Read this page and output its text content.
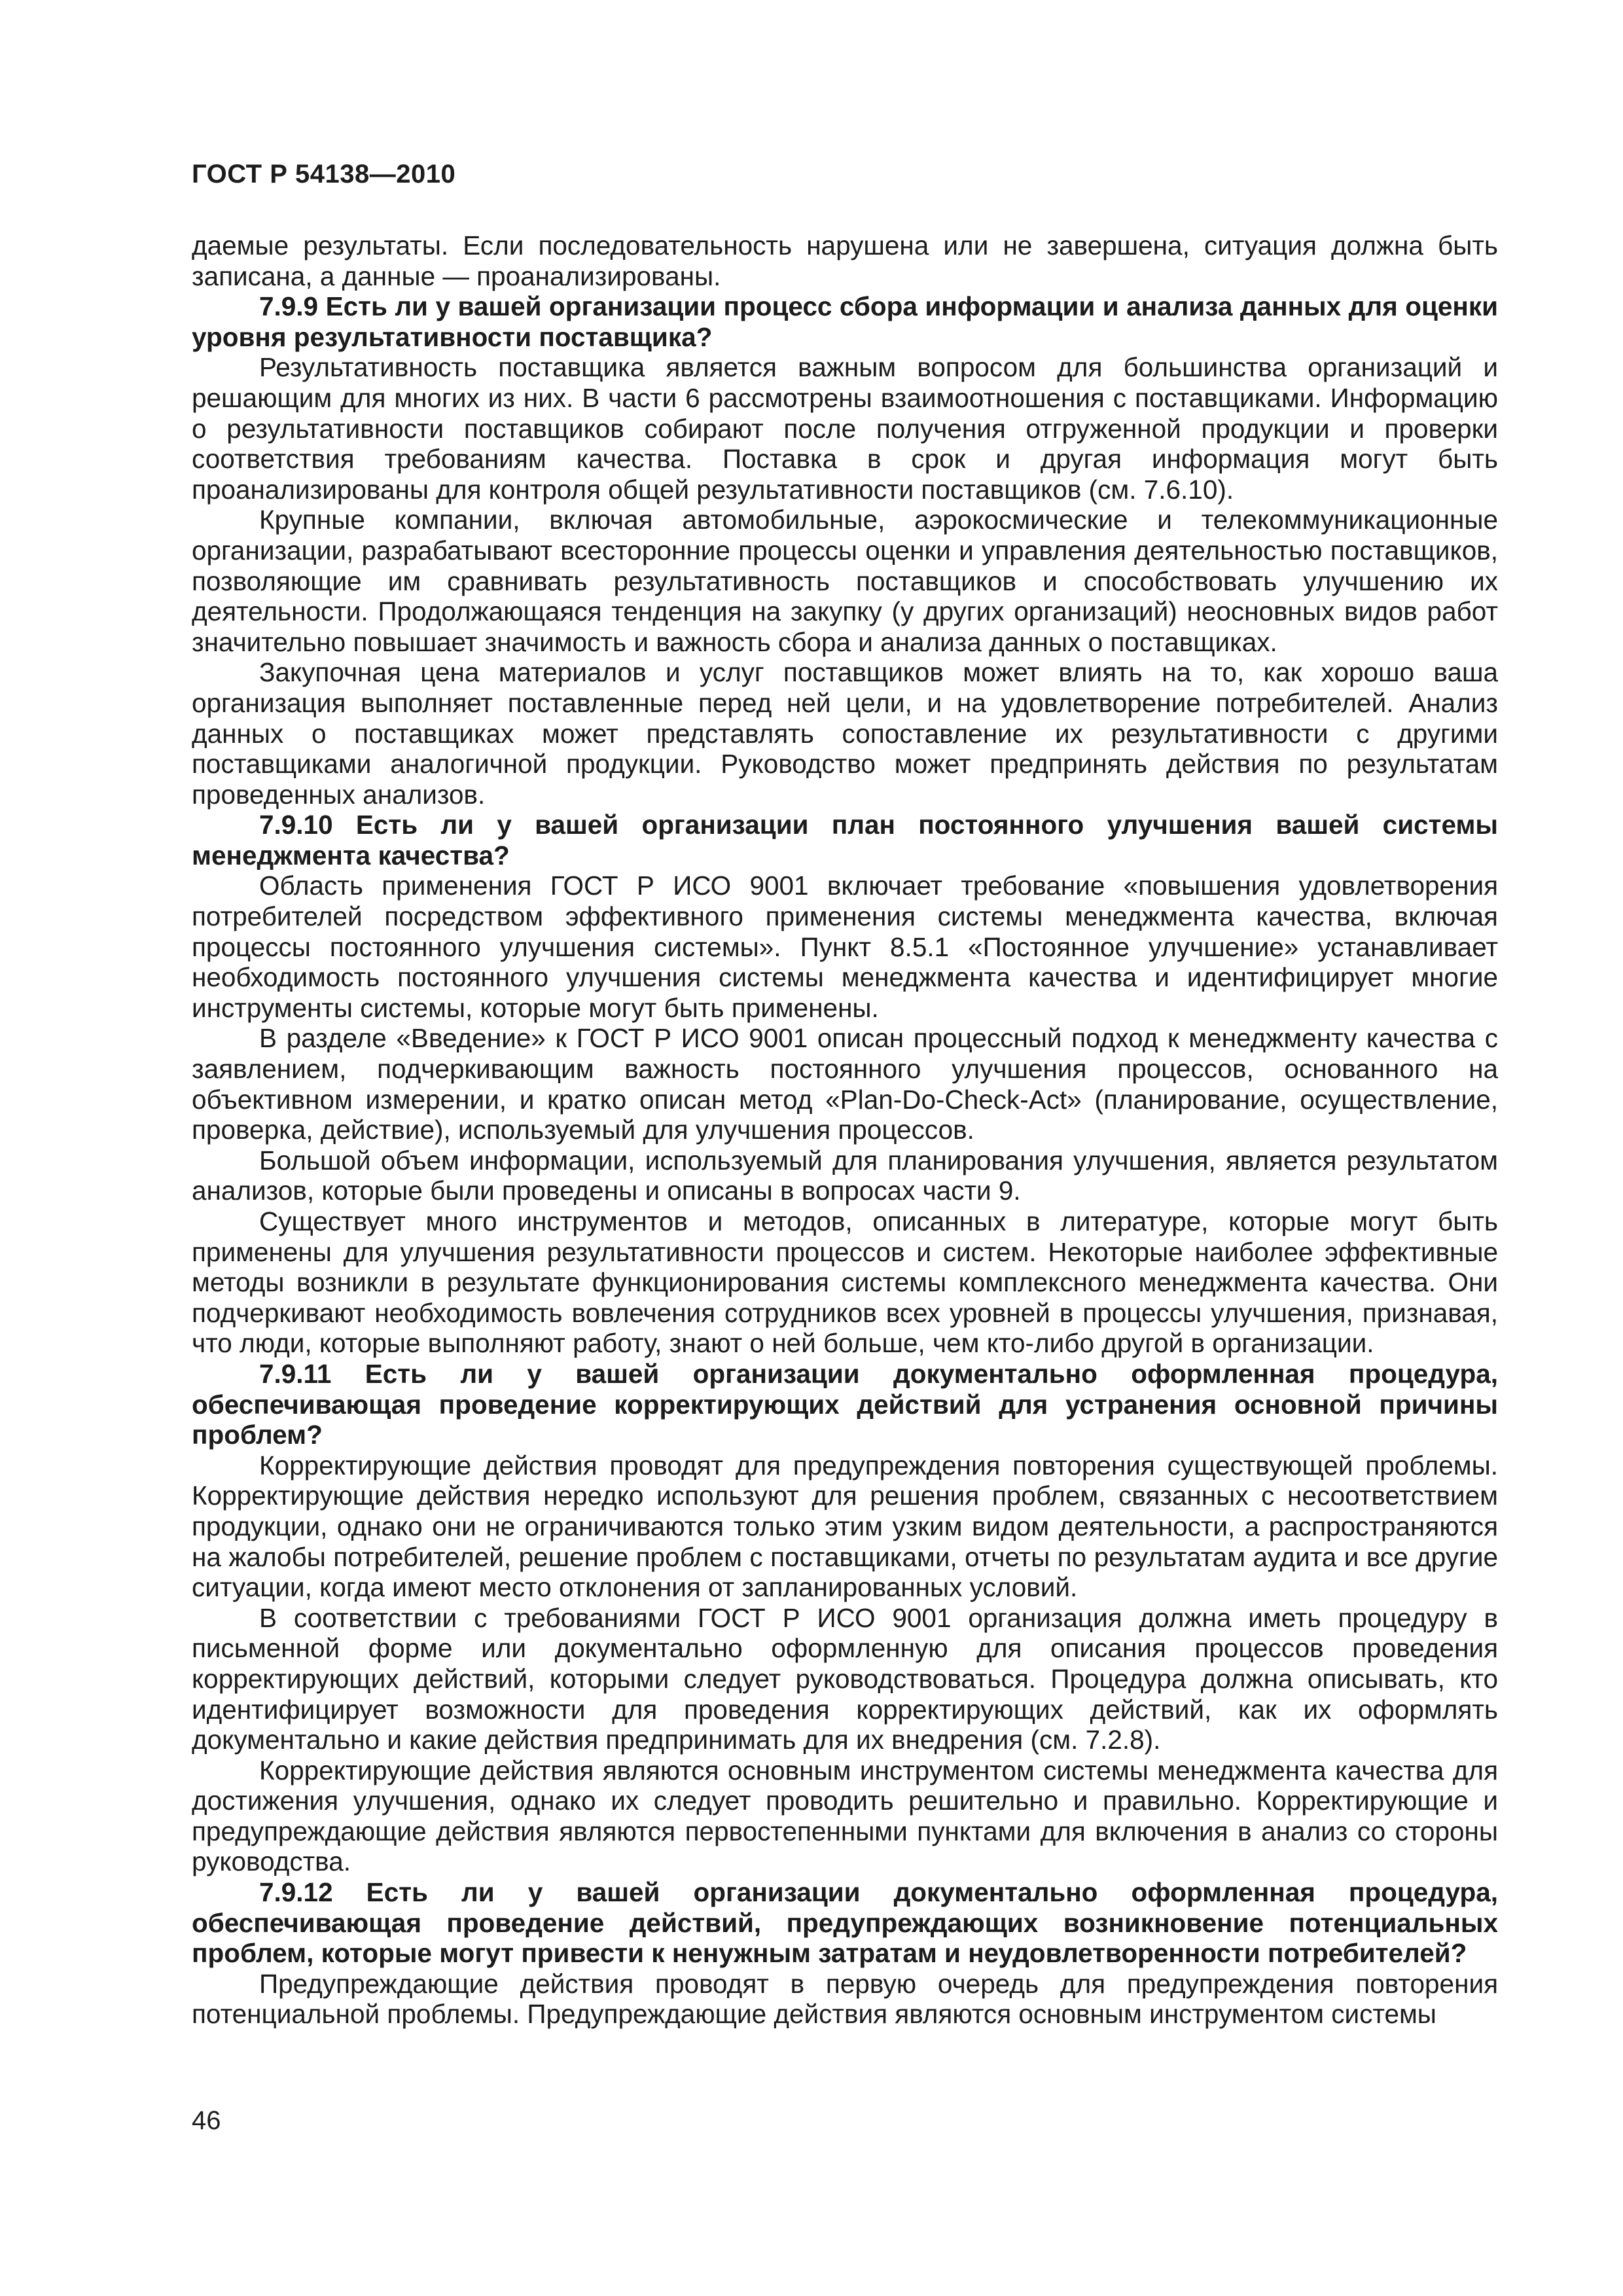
ГОСТ Р 54138—2010

даемые результаты. Если последовательность нарушена или не завершена, ситуация должна быть записана, а данные — проанализированы.

7.9.9 Есть ли у вашей организации процесс сбора информации и анализа данных для оценки уровня результативности поставщика?

Результативность поставщика является важным вопросом для большинства организаций и решающим для многих из них. В части 6 рассмотрены взаимоотношения с поставщиками. Информацию о результативности поставщиков собирают после получения отгруженной продукции и проверки соответствия требованиям качества. Поставка в срок и другая информация могут быть проанализированы для контроля общей результативности поставщиков (см. 7.6.10).

Крупные компании, включая автомобильные, аэрокосмические и телекоммуникационные организации, разрабатывают всесторонние процессы оценки и управления деятельностью поставщиков, позволяющие им сравнивать результативность поставщиков и способствовать улучшению их деятельности. Продолжающаяся тенденция на закупку (у других организаций) неосновных видов работ значительно повышает значимость и важность сбора и анализа данных о поставщиках.

Закупочная цена материалов и услуг поставщиков может влиять на то, как хорошо ваша организация выполняет поставленные перед ней цели, и на удовлетворение потребителей. Анализ данных о поставщиках может представлять сопоставление их результативности с другими поставщиками аналогичной продукции. Руководство может предпринять действия по результатам проведенных анализов.

7.9.10 Есть ли у вашей организации план постоянного улучшения вашей системы менеджмента качества?

Область применения ГОСТ Р ИСО 9001 включает требование «повышения удовлетворения потребителей посредством эффективного применения системы менеджмента качества, включая процессы постоянного улучшения системы». Пункт 8.5.1 «Постоянное улучшение» устанавливает необходимость постоянного улучшения системы менеджмента качества и идентифицирует многие инструменты системы, которые могут быть применены.

В разделе «Введение» к ГОСТ Р ИСО 9001 описан процессный подход к менеджменту качества с заявлением, подчеркивающим важность постоянного улучшения процессов, основанного на объективном измерении, и кратко описан метод «Plan-Do-Check-Act» (планирование, осуществление, проверка, действие), используемый для улучшения процессов.

Большой объем информации, используемый для планирования улучшения, является результатом анализов, которые были проведены и описаны в вопросах части 9.

Существует много инструментов и методов, описанных в литературе, которые могут быть применены для улучшения результативности процессов и систем. Некоторые наиболее эффективные методы возникли в результате функционирования системы комплексного менеджмента качества. Они подчеркивают необходимость вовлечения сотрудников всех уровней в процессы улучшения, признавая, что люди, которые выполняют работу, знают о ней больше, чем кто-либо другой в организации.

7.9.11 Есть ли у вашей организации документально оформленная процедура, обеспечивающая проведение корректирующих действий для устранения основной причины проблем?

Корректирующие действия проводят для предупреждения повторения существующей проблемы. Корректирующие действия нередко используют для решения проблем, связанных с несоответствием продукции, однако они не ограничиваются только этим узким видом деятельности, а распространяются на жалобы потребителей, решение проблем с поставщиками, отчеты по результатам аудита и все другие ситуации, когда имеют место отклонения от запланированных условий.

В соответствии с требованиями ГОСТ Р ИСО 9001 организация должна иметь процедуру в письменной форме или документально оформленную для описания процессов проведения корректирующих действий, которыми следует руководствоваться. Процедура должна описывать, кто идентифицирует возможности для проведения корректирующих действий, как их оформлять документально и какие действия предпринимать для их внедрения (см. 7.2.8).

Корректирующие действия являются основным инструментом системы менеджмента качества для достижения улучшения, однако их следует проводить решительно и правильно. Корректирующие и предупреждающие действия являются первостепенными пунктами для включения в анализ со стороны руководства.

7.9.12 Есть ли у вашей организации документально оформленная процедура, обеспечивающая проведение действий, предупреждающих возникновение потенциальных проблем, которые могут привести к ненужным затратам и неудовлетворенности потребителей?

Предупреждающие действия проводят в первую очередь для предупреждения повторения потенциальной проблемы. Предупреждающие действия являются основным инструментом системы

46
